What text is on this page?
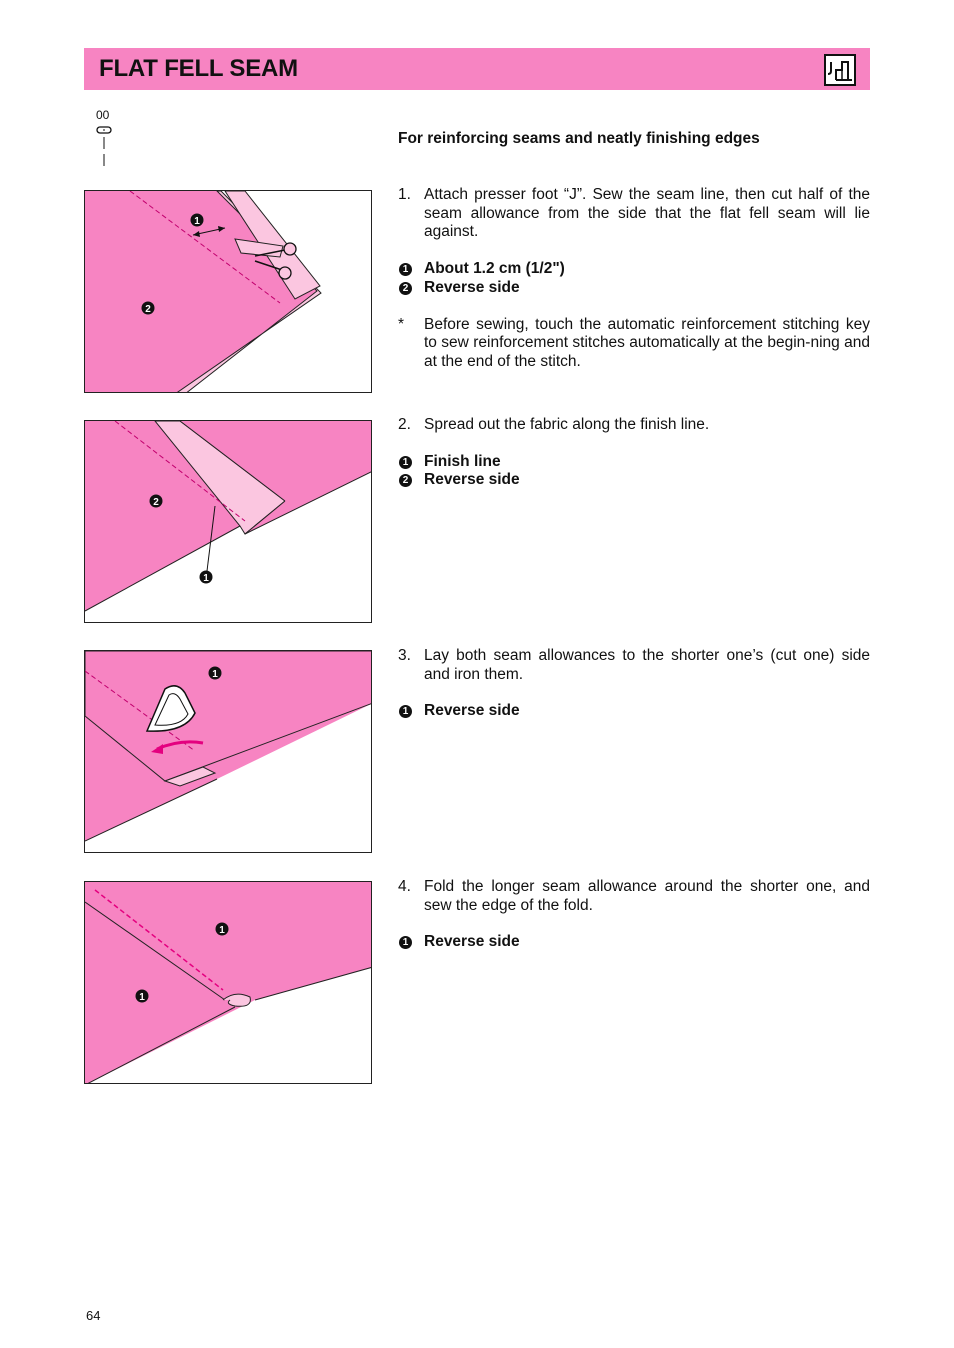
FLAT FELL SEAM
00
For reinforcing seams and neatly finishing edges
1
2
2
1
1
1
1
1. Attach presser foot “J”. Sew the seam line, then cut half of the seam allowance from the side that the flat fell seam will lie against.
1 About 1.2 cm (1/2")
2 Reverse side
* Before sewing, touch the automatic reinforcement stitching key to sew reinforcement stitches automatically at the begin-ning and at the end of the stitch.
2. Spread out the fabric along the finish line.
1 Finish line
2 Reverse side
3. Lay both seam allowances to the shorter one’s (cut one) side and iron them.
1 Reverse side
4. Fold the longer seam allowance around the shorter one, and sew the edge of the fold.
1 Reverse side
64
